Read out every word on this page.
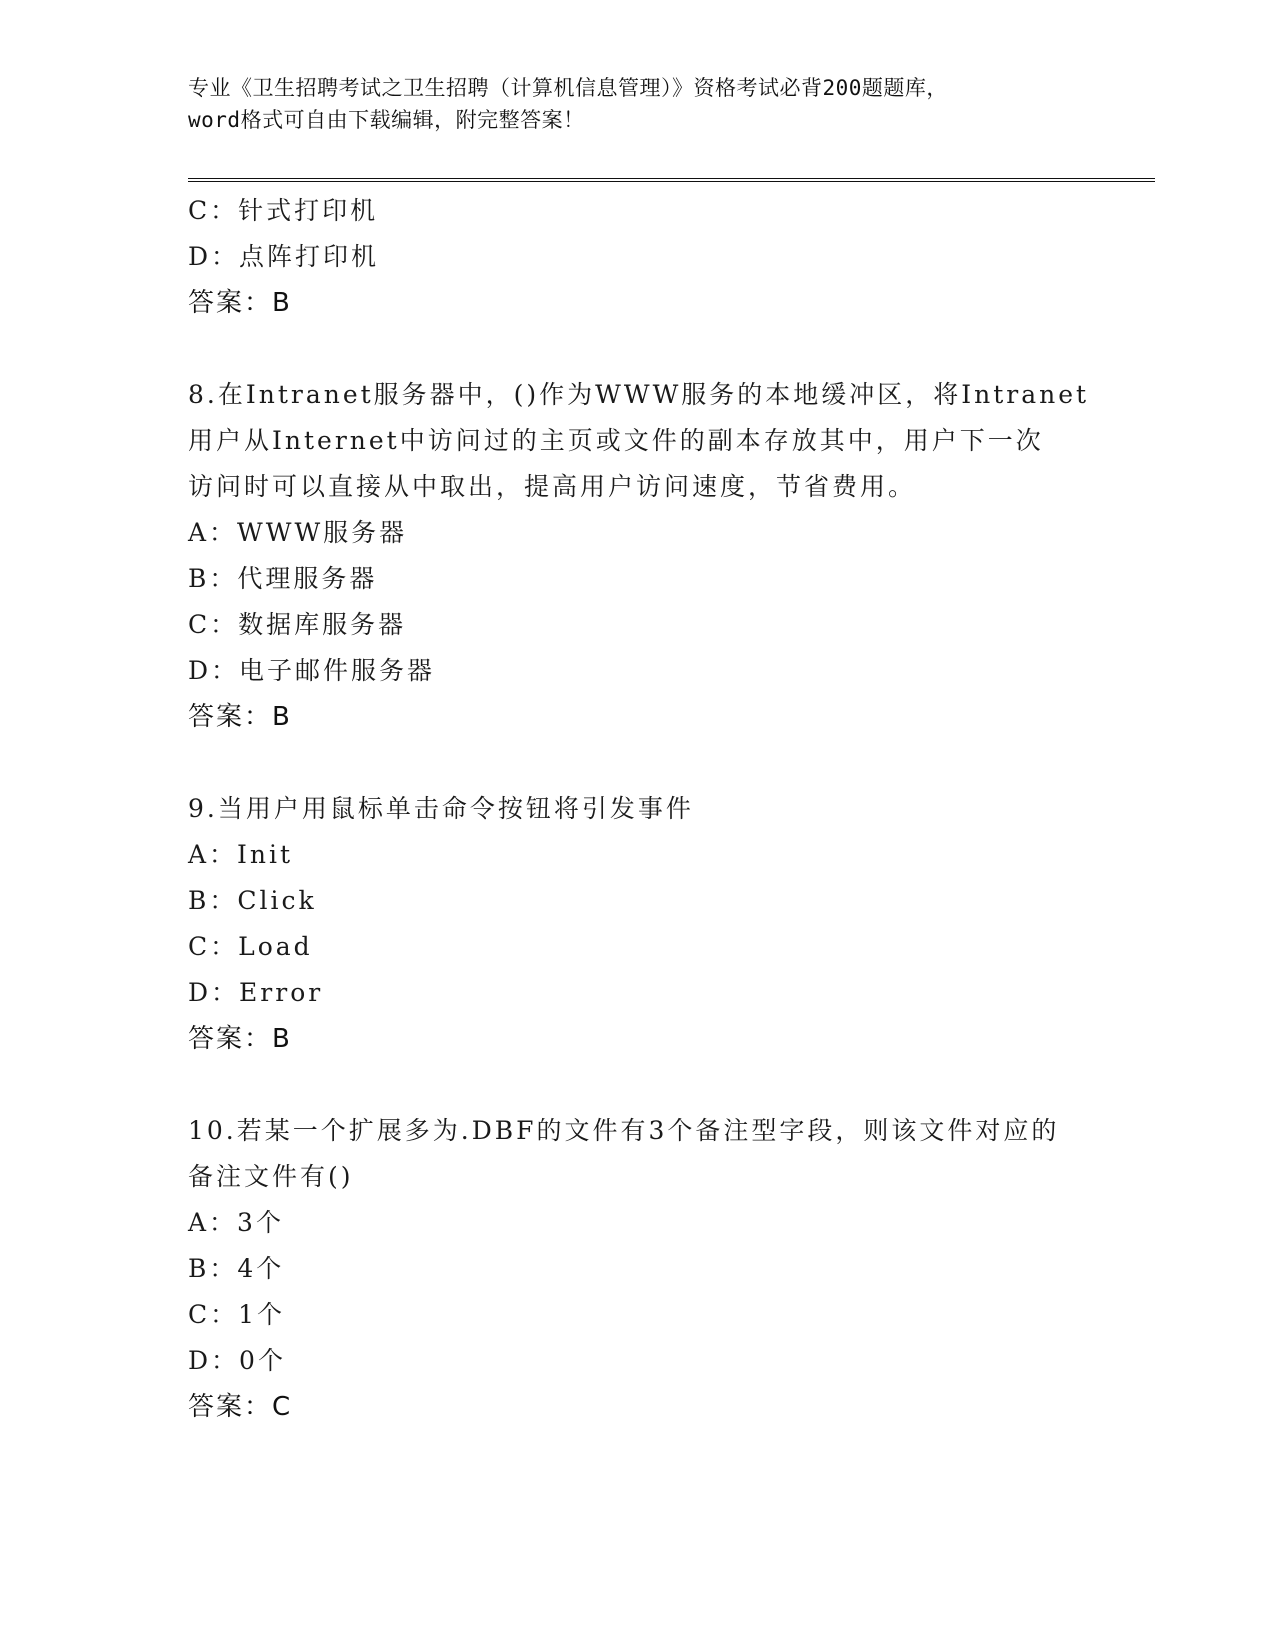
专业《卫生招聘考试之卫生招聘（计算机信息管理）》资格考试必背200题题库，
word格式可自由下载编辑，附完整答案！
C：针式打印机
D：点阵打印机
答案：B
8.在Intranet服务器中，()作为WWW服务的本地缓冲区，将Intranet
用户从Internet中访问过的主页或文件的副本存放其中，用户下一次
访问时可以直接从中取出，提高用户访问速度，节省费用。
A：WWW服务器
B：代理服务器
C：数据库服务器
D：电子邮件服务器
答案：B
9.当用户用鼠标单击命令按钮将引发事件
A：Init
B：Click
C：Load
D：Error
答案：B
10.若某一个扩展多为.DBF的文件有3个备注型字段，则该文件对应的
备注文件有()
A：3个
B：4个
C：1个
D：0个
答案：C
